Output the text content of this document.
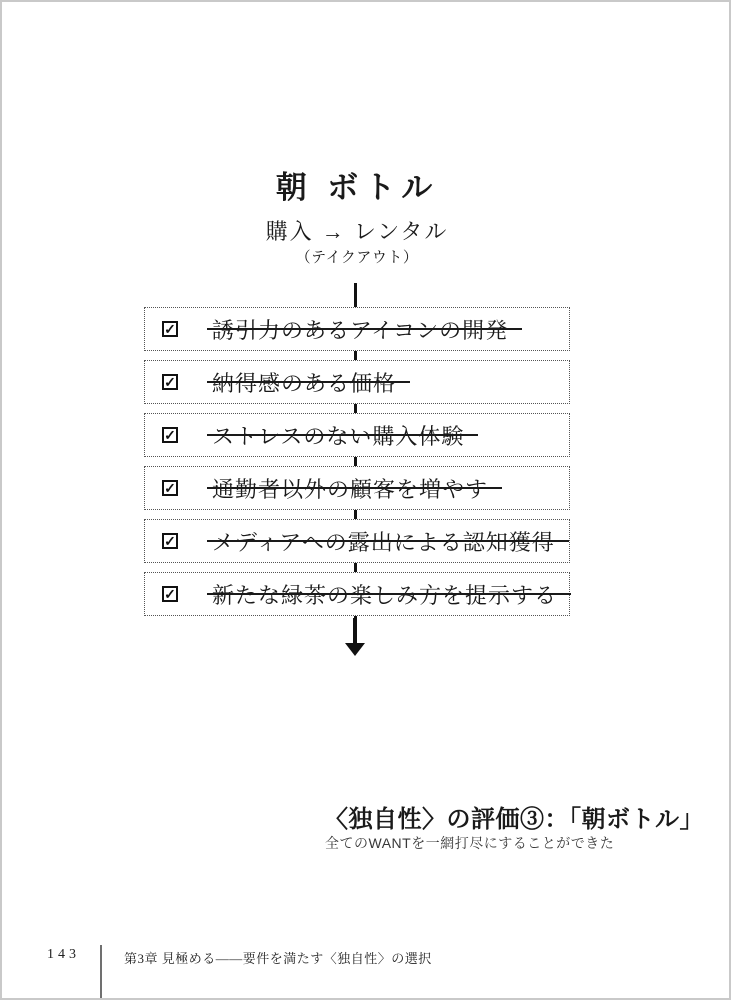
朝 ボトル
購入 → レンタル
（テイクアウト）
✓ 誘引力のあるアイコンの開発
✓ 納得感のある価格
✓ ストレスのない購入体験
✓ 通勤者以外の顧客を増やす
✓ メディアへの露出による認知獲得
✓ 新たな緑茶の楽しみ方を提示する
〈独自性〉の評価③：「朝ボトル」
全てのWANTを一網打尽にすることができた
143	第3章 見極める——要件を満たす〈独自性〉の選択
